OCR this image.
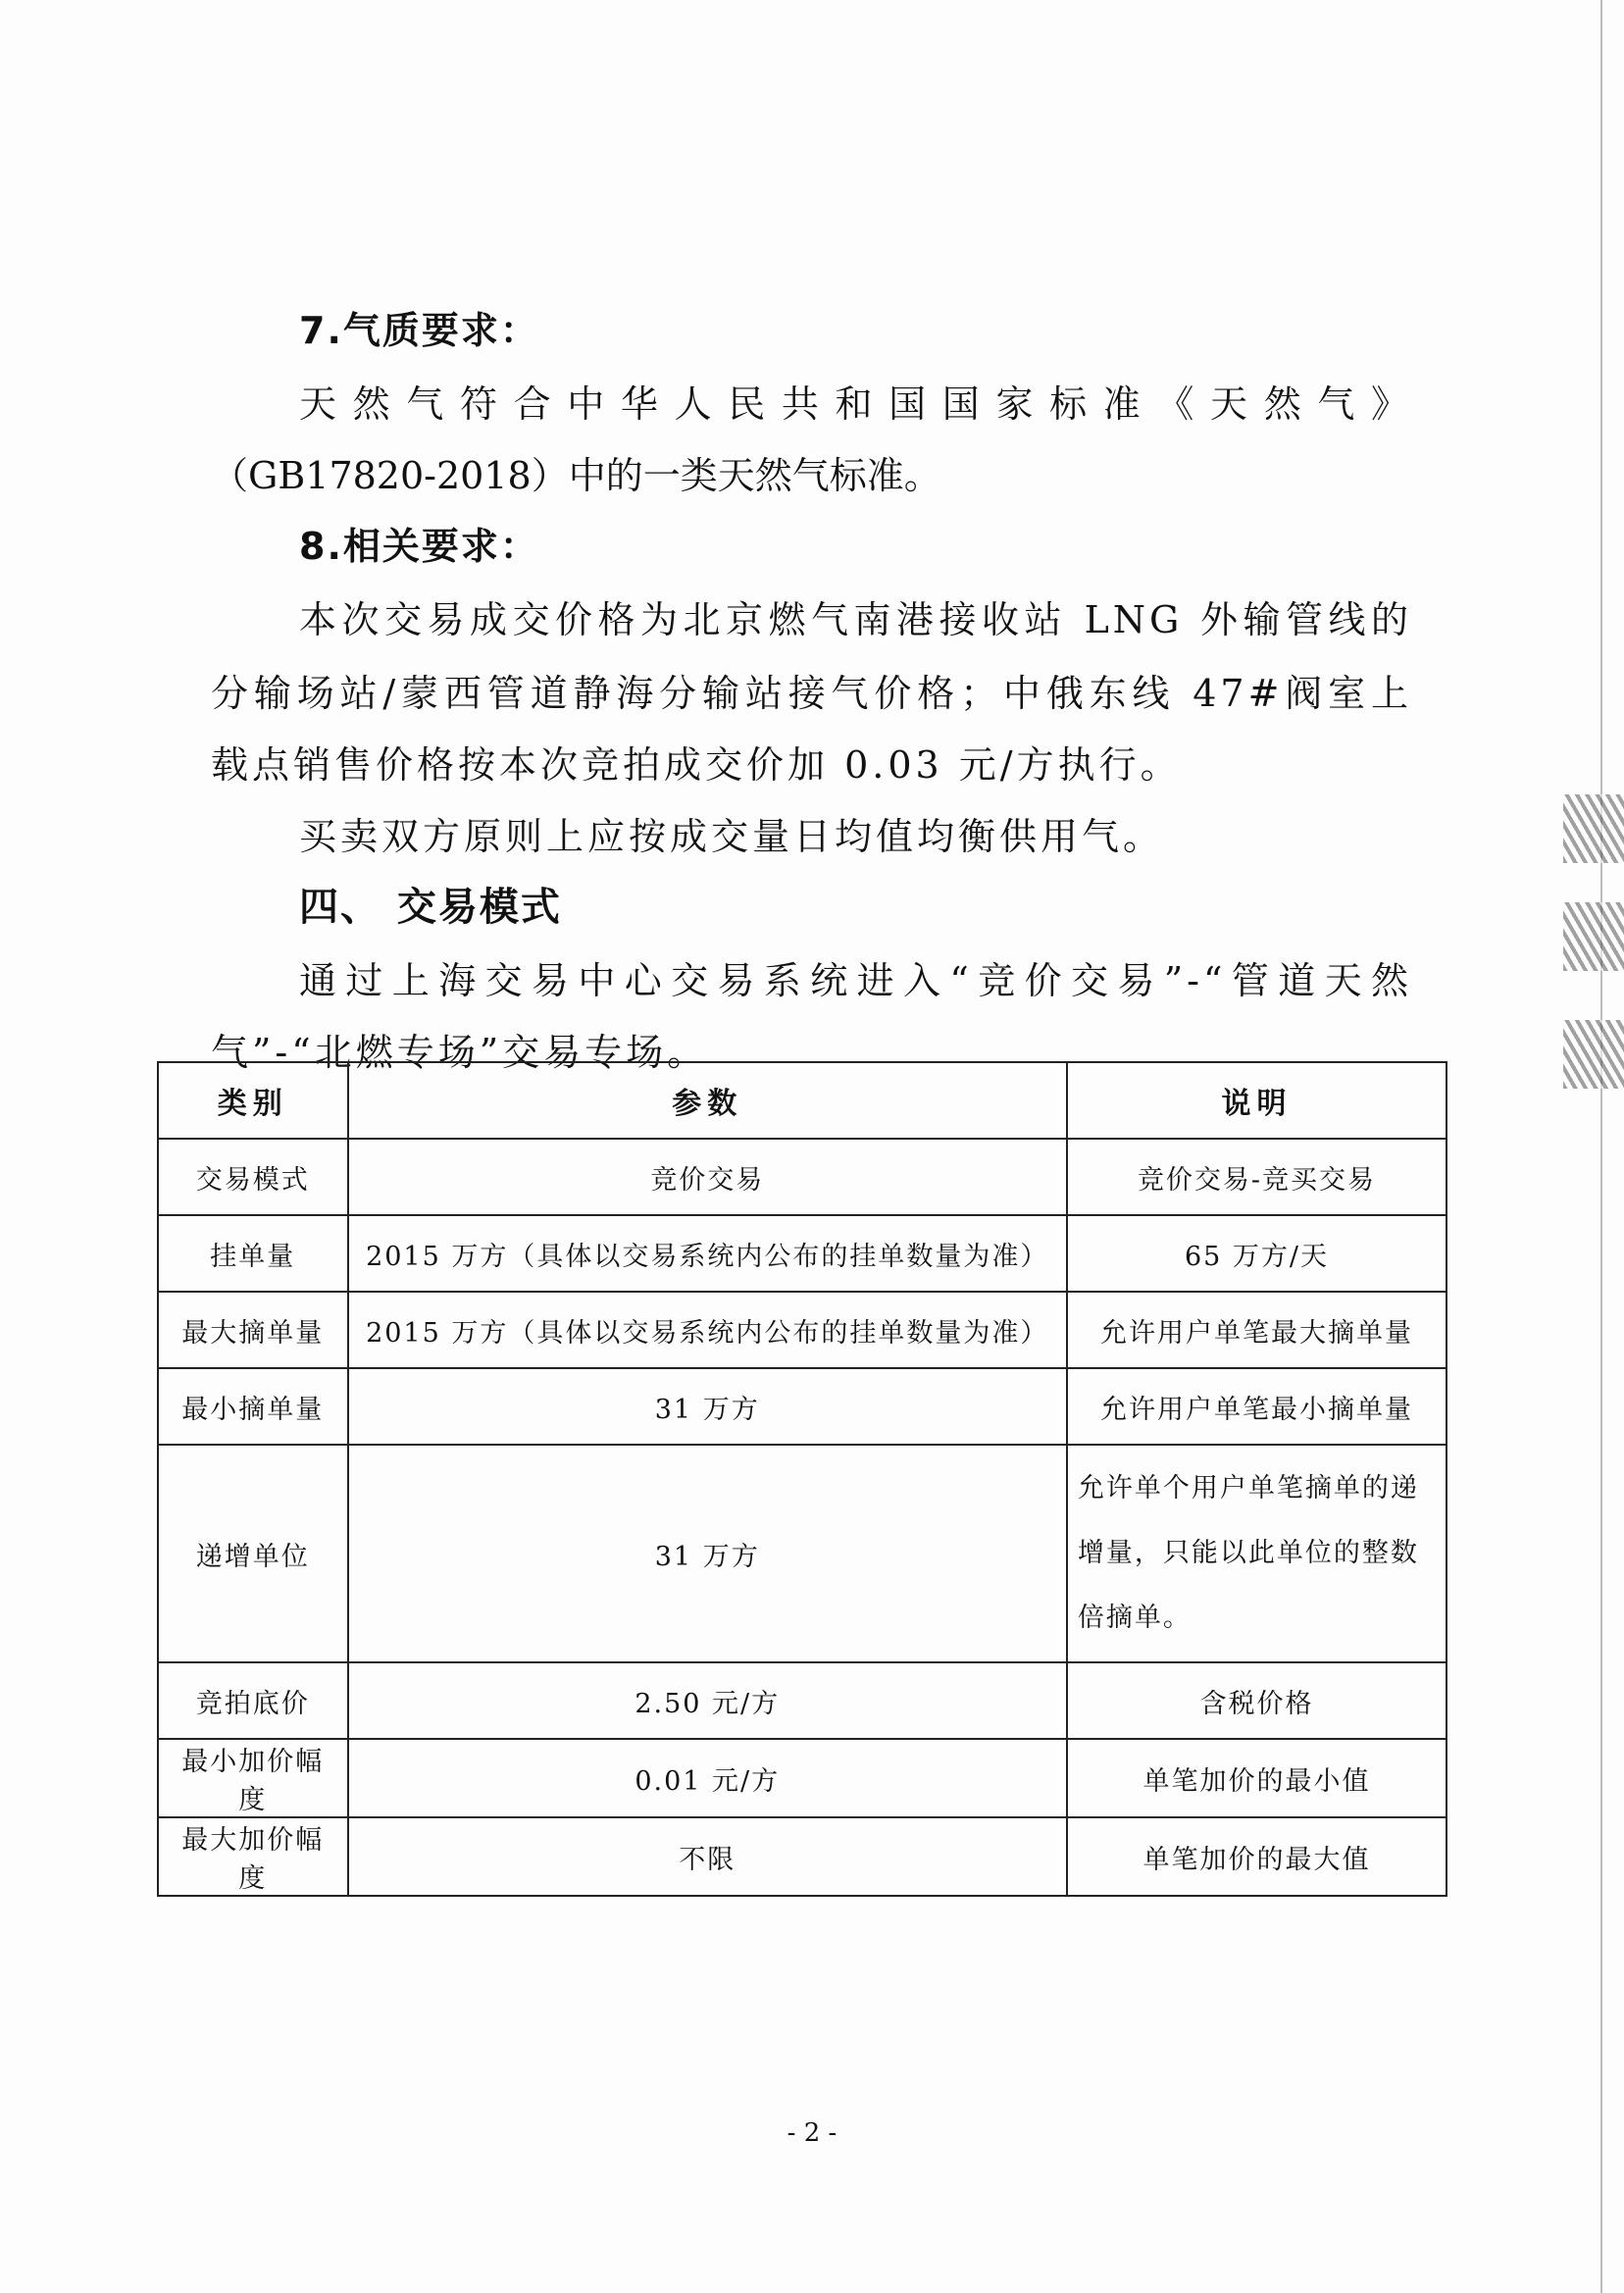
7.气质要求：

天然气符合中华人民共和国国家标准《天然气》

（GB17820-2018）中的一类天然气标准。

8.相关要求：

本次交易成交价格为北京燃气南港接收站 LNG 外输管线的

分输场站/蒙西管道静海分输站接气价格；中俄东线 47#阀室上

载点销售价格按本次竞拍成交价加 0.03 元/方执行。

买卖双方原则上应按成交量日均值均衡供用气。

四、 交易模式

通过上海交易中心交易系统进入“竞价交易”-“管道天然

气”-“北燃专场”交易专场。

类别	参数	说明
交易模式	竞价交易	竞价交易-竞买交易
挂单量	2015 万方（具体以交易系统内公布的挂单数量为准）	65 万方/天
最大摘单量	2015 万方（具体以交易系统内公布的挂单数量为准）	允许用户单笔最大摘单量
最小摘单量	31 万方	允许用户单笔最小摘单量
递增单位	31 万方	允许单个用户单笔摘单的递增量，只能以此单位的整数倍摘单。
竞拍底价	2.50 元/方	含税价格
最小加价幅度	0.01 元/方	单笔加价的最小值
最大加价幅度	不限	单笔加价的最大值
- 2 -
